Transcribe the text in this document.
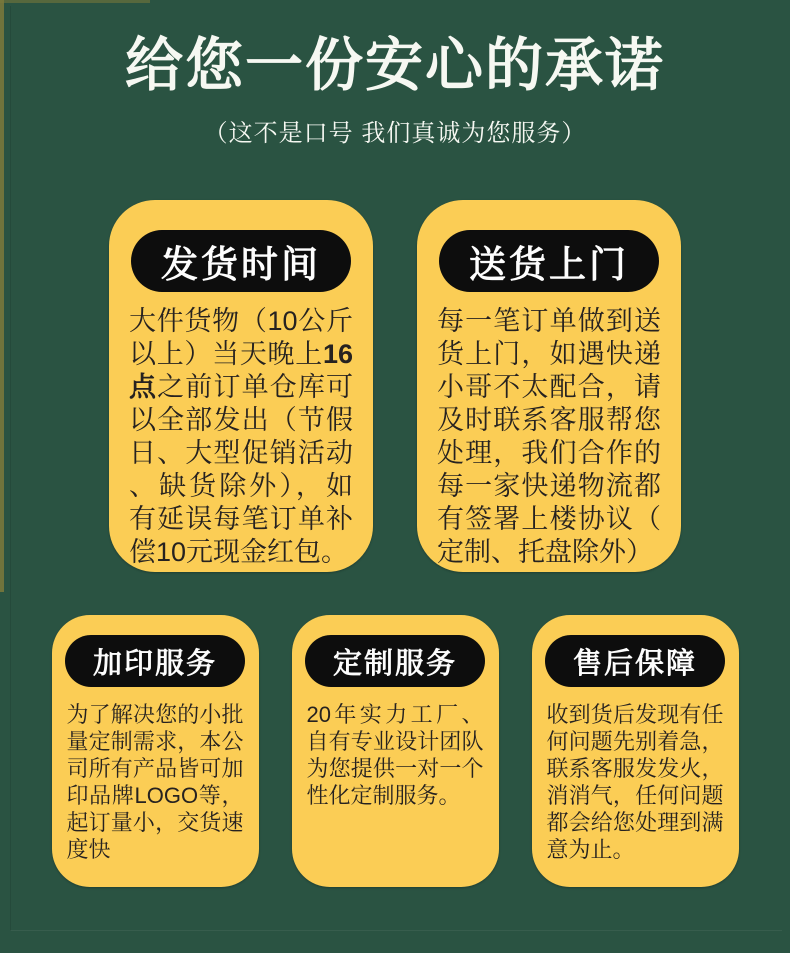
给您一份安心的承诺
（这不是口号 我们真诚为您服务）
发货时间

大件货物（10公斤以上）当天晚上16点之前订单仓库可以全部发出（节假日、大型促销活动、缺货除外），如有延误每笔订单补偿10元现金红包。

送货上门

每一笔订单做到送货上门，如遇快递小哥不太配合，请及时联系客服帮您处理，我们合作的每一家快递物流都有签署上楼协议（定制、托盘除外）

加印服务

为了解决您的小批量定制需求，本公司所有产品皆可加印品牌LOGO等，起订量小，交货速度快

定制服务

20年实力工厂、自有专业设计团队为您提供一对一个性化定制服务。

售后保障

收到货后发现有任何问题先别着急，联系客服发发火，消消气，任何问题都会给您处理到满意为止。
